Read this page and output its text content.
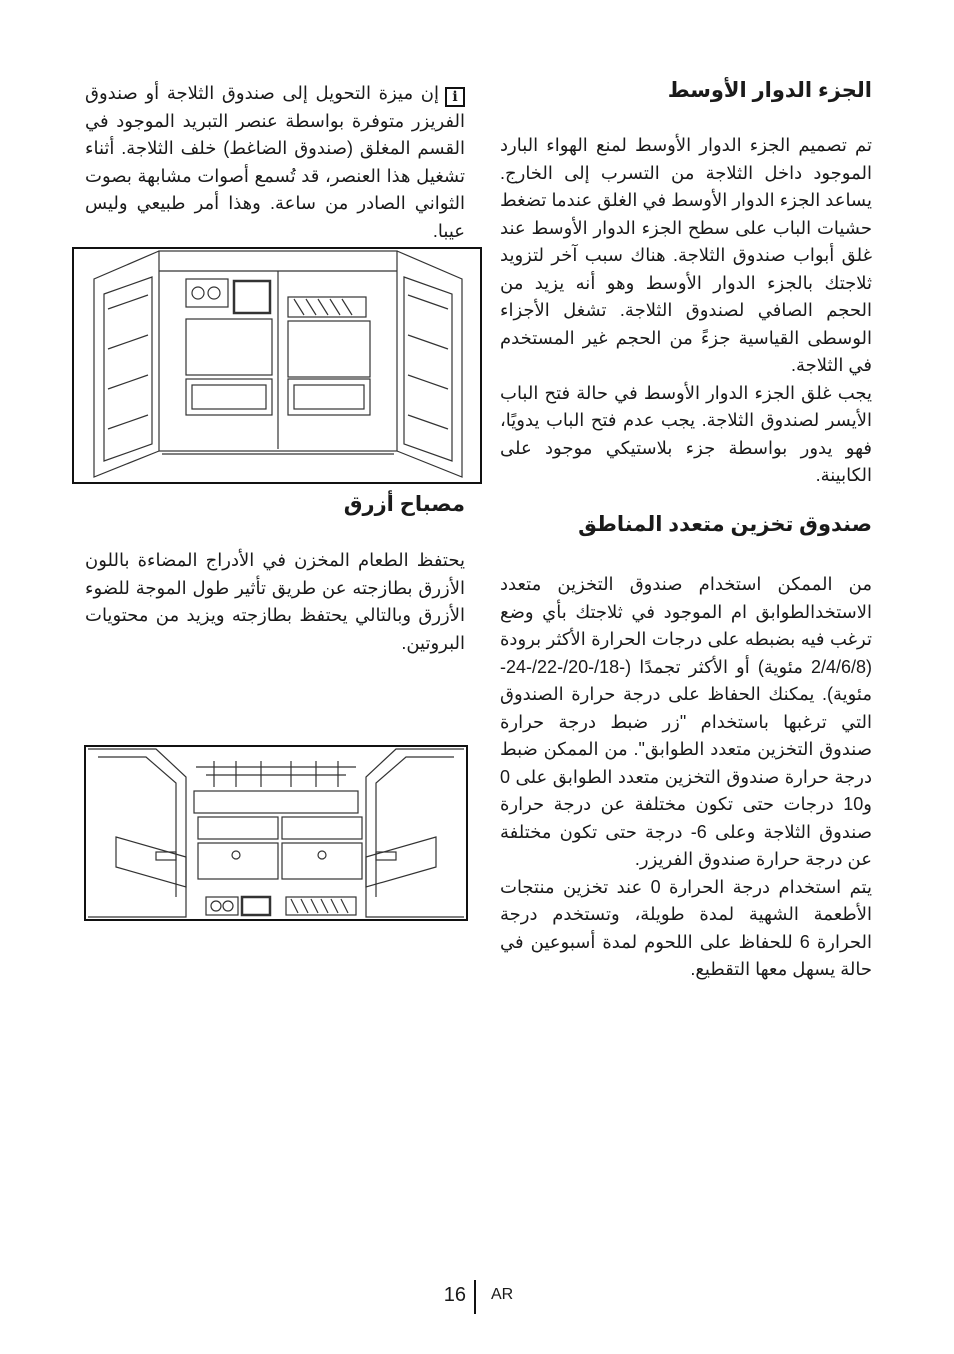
الجزء الدوار الأوسط

تم تصميم الجزء الدوار الأوسط لمنع الهواء البارد الموجود داخل الثلاجة من التسرب إلى الخارج. يساعد الجزء الدوار الأوسط في الغلق عندما تضغط حشيات الباب على سطح الجزء الدوار الأوسط عند غلق أبواب صندوق الثلاجة. هناك سبب آخر لتزويد ثلاجتك بالجزء الدوار الأوسط وهو أنه يزيد من الحجم الصافي لصندوق الثلاجة. تشغل الأجزاء الوسطى القياسية جزءً من الحجم غير المستخدم في الثلاجة.

يجب غلق الجزء الدوار الأوسط في حالة فتح الباب الأيسر لصندوق الثلاجة. يجب عدم فتح الباب يدويًا، فهو يدور بواسطة جزء بلاستيكي موجود على الكابينة.

صندوق تخزين متعدد المناطق

من الممكن استخدام صندوق التخزين متعدد الاستخدالطوابق ام الموجود في ثلاجتك بأي وضع ترغب فيه بضبطه على درجات الحرارة الأكثر برودة (2/4/6/8 مئوية) أو الأكثر تجمدًا (-18/-20/-22/-24- مئوية). يمكنك الحفاظ على درجة حرارة الصندوق التي ترغبها باستخدام "زر ضبط درجة حرارة صندوق التخزين متعدد الطوابق". من الممكن ضبط درجة حرارة صندوق التخزين متعدد الطوابق على 0 و10 درجات حتى تكون مختلفة عن درجة حرارة صندوق الثلاجة وعلى 6- درجة حتى تكون مختلفة عن درجة حرارة صندوق الفريزر.

يتم استخدام درجة الحرارة 0 عند تخزين منتجات الأطعمة الشهية لمدة طويلة، وتستخدم درجة الحرارة 6 للحفاظ على اللحوم لمدة أسبوعين في حالة يسهل معها التقطيع.

iإن ميزة التحويل إلى صندوق الثلاجة أو صندوق الفريزر متوفرة بواسطة عنصر التبريد الموجود في القسم المغلق (صندوق الضاغط) خلف الثلاجة. أثناء تشغيل هذا العنصر، قد تُسمع أصوات مشابهة بصوت الثواني الصادر من ساعة. وهذا أمر طبيعي وليس عيبا.

مصباح أزرق

يحتفظ الطعام المخزن في الأدراج المضاءة باللون الأزرق بطازجته عن طريق تأثير طول الموجة للضوء الأزرق وبالتالي يحتفظ بطازجته ويزيد من محتويات البروتين.

16 AR
